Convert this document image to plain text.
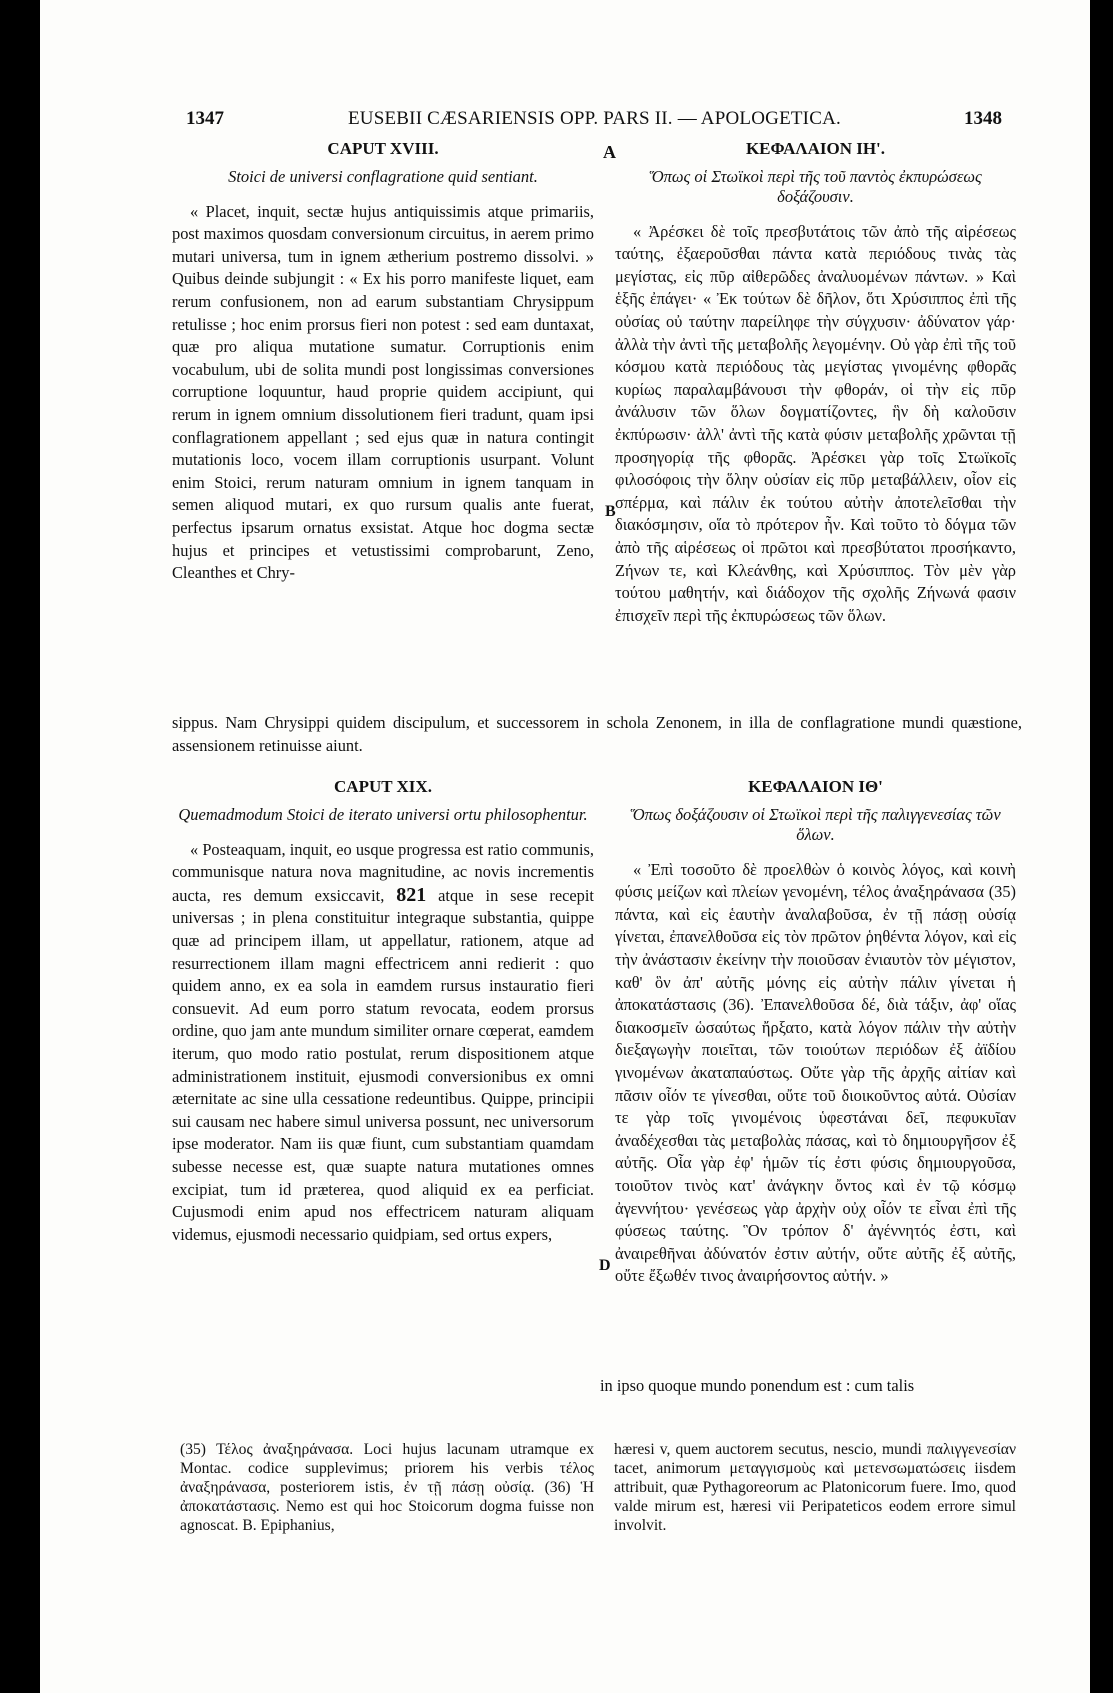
1347	EUSEBII CÆSARIENSIS OPP. PARS II. — APOLOGETICA.	1348
A
B
D
CAPUT XVIII.
Stoici de universi conflagratione quid sentiant.

« Placet, inquit, sectæ hujus antiquissimis atque primariis, post maximos quosdam conversionum circuitus, in aerem primo mutari universa, tum in ignem ætherium postremo dissolvi. » Quibus deinde subjungit : « Ex his porro manifeste liquet, eam rerum confusionem, non ad earum substantiam Chrysippum retulisse ; hoc enim prorsus fieri non potest : sed eam duntaxat, quæ pro aliqua mutatione sumatur. Corruptionis enim vocabulum, ubi de solita mundi post longissimas conversiones corruptione loquuntur, haud proprie quidem accipiunt, qui rerum in ignem omnium dissolutionem fieri tradunt, quam ipsi conflagrationem appellant ; sed ejus quæ in natura contingit mutationis loco, vocem illam corruptionis usurpant. Volunt enim Stoici, rerum naturam omnium in ignem tanquam in semen aliquod mutari, ex quo rursum qualis ante fuerat, perfectus ipsarum ornatus exsistat. Atque hoc dogma sectæ hujus et principes et vetustissimi comprobarunt, Zeno, Cleanthes et Chry-

ΚΕΦΑΛΑΙΟΝ ΙΗ'.
Ὅπως οἱ Στωϊκοὶ περὶ τῆς τοῦ παντὸς ἐκπυρώσεως δοξάζουσιν.

« Ἀρέσκει δὲ τοῖς πρεσβυτάτοις τῶν ἀπὸ τῆς αἱρέσεως ταύτης, ἐξαεροῦσθαι πάντα κατὰ περιόδους τινὰς τὰς μεγίστας, εἰς πῦρ αἰθερῶδες ἀναλυομένων πάντων. » Καὶ ἑξῆς ἐπάγει· « Ἐκ τούτων δὲ δῆλον, ὅτι Χρύσιππος ἐπὶ τῆς οὐσίας οὐ ταύτην παρείληφε τὴν σύγχυσιν· ἀδύνατον γάρ· ἀλλὰ τὴν ἀντὶ τῆς μεταβολῆς λεγομένην. Οὐ γὰρ ἐπὶ τῆς τοῦ κόσμου κατὰ περιόδους τὰς μεγίστας γινομένης φθορᾶς κυρίως παραλαμβάνουσι τὴν φθοράν, οἱ τὴν εἰς πῦρ ἀνάλυσιν τῶν ὅλων δογματίζοντες, ἣν δὴ καλοῦσιν ἐκπύρωσιν· ἀλλ' ἀντὶ τῆς κατὰ φύσιν μεταβολῆς χρῶνται τῇ προσηγορίᾳ τῆς φθορᾶς. Ἀρέσκει γὰρ τοῖς Στωϊκοῖς φιλοσόφοις τὴν ὅλην οὐσίαν εἰς πῦρ μεταβάλλειν, οἷον εἰς σπέρμα, καὶ πάλιν ἐκ τούτου αὐτὴν ἀποτελεῖσθαι τὴν διακόσμησιν, οἵα τὸ πρότερον ἦν. Καὶ τοῦτο τὸ δόγμα τῶν ἀπὸ τῆς αἱρέσεως οἱ πρῶτοι καὶ πρεσβύτατοι προσήκαντο, Ζήνων τε, καὶ Κλεάνθης, καὶ Χρύσιππος. Τὸν μὲν γὰρ τούτου μαθητήν, καὶ διάδοχον τῆς σχολῆς Ζήνωνά φασιν ἐπισχεῖν περὶ τῆς ἐκπυρώσεως τῶν ὅλων.

sippus. Nam Chrysippi quidem discipulum, et successorem in schola Zenonem, in illa de conflagratione mundi quæstione, assensionem retinuisse aiunt.
CAPUT XIX.
Quemadmodum Stoici de iterato universi ortu philosophentur.

« Posteaquam, inquit, eo usque progressa est ratio communis, communisque natura nova magnitudine, ac novis incrementis aucta, res demum exsiccavit, 821 atque in sese recepit universas ; in plena constituitur integraque substantia, quippe quæ ad principem illam, ut appellatur, rationem, atque ad resurrectionem illam magni effectricem anni redierit : quo quidem anno, ex ea sola in eamdem rursus instauratio fieri consuevit. Ad eum porro statum revocata, eodem prorsus ordine, quo jam ante mundum similiter ornare cœperat, eamdem iterum, quo modo ratio postulat, rerum dispositionem atque administrationem instituit, ejusmodi conversionibus ex omni æternitate ac sine ulla cessatione redeuntibus. Quippe, principii sui causam nec habere simul universa possunt, nec universorum ipse moderator. Nam iis quæ fiunt, cum substantiam quamdam subesse necesse est, quæ suapte natura mutationes omnes excipiat, tum id præterea, quod aliquid ex ea perficiat. Cujusmodi enim apud nos effectricem naturam aliquam videmus, ejusmodi necessario quidpiam, sed ortus expers,

ΚΕΦΑΛΑΙΟΝ ΙΘ'
Ὅπως δοξάζουσιν οἱ Στωϊκοὶ περὶ τῆς παλιγγενεσίας τῶν ὅλων.

« Ἐπὶ τοσοῦτο δὲ προελθὼν ὁ κοινὸς λόγος, καὶ κοινὴ φύσις μείζων καὶ πλείων γενομένη, τέλος ἀναξηράνασα (35) πάντα, καὶ εἰς ἑαυτὴν ἀναλαβοῦσα, ἐν τῇ πάσῃ οὐσίᾳ γίνεται, ἐπανελθοῦσα εἰς τὸν πρῶτον ῥηθέντα λόγον, καὶ εἰς τὴν ἀνάστασιν ἐκείνην τὴν ποιοῦσαν ἐνιαυτὸν τὸν μέγιστον, καθ' ὃν ἀπ' αὐτῆς μόνης εἰς αὐτὴν πάλιν γίνεται ἡ ἀποκατάστασις (36). Ἐπανελθοῦσα δέ, διὰ τάξιν, ἀφ' οἵας διακοσμεῖν ὡσαύτως ἤρξατο, κατὰ λόγον πάλιν τὴν αὐτὴν διεξαγωγὴν ποιεῖται, τῶν τοιούτων περιόδων ἐξ ἀϊδίου γινομένων ἀκαταπαύστως. Οὔτε γὰρ τῆς ἀρχῆς αἰτίαν καὶ πᾶσιν οἷόν τε γίνεσθαι, οὔτε τοῦ διοικοῦντος αὐτά. Οὐσίαν τε γὰρ τοῖς γινομένοις ὑφεστάναι δεῖ, πεφυκυῖαν ἀναδέχεσθαι τὰς μεταβολὰς πάσας, καὶ τὸ δημιουργῆσον ἐξ αὐτῆς. Οἷα γὰρ ἐφ' ἡμῶν τίς ἐστι φύσις δημιουργοῦσα, τοιοῦτον τινὸς κατ' ἀνάγκην ὄντος καὶ ἐν τῷ κόσμῳ ἀγεννήτου· γενέσεως γὰρ ἀρχὴν οὐχ οἷόν τε εἶναι ἐπὶ τῆς φύσεως ταύτης. Ὃν τρόπον δ' ἀγέννητός ἐστι, καὶ ἀναιρεθῆναι ἀδύνατόν ἐστιν αὐτήν, οὔτε αὐτῆς ἐξ αὐτῆς, οὔτε ἔξωθέν τινος ἀναιρήσοντος αὐτήν. »

in ipso quoque mundo ponendum est : cum talis
(35) Τέλος ἀναξηράνασα. Loci hujus lacunam utramque ex Montac. codice supplevimus; priorem his verbis τέλος ἀναξηράνασα, posteriorem istis, ἐν τῇ πάσῃ οὐσίᾳ. (36) Ἡ ἀποκατάστασις. Nemo est qui hoc Stoicorum dogma fuisse non agnoscat. B. Epiphanius,
hæresi v, quem auctorem secutus, nescio, mundi παλιγγενεσίαν tacet, animorum μεταγγισμοὺς καὶ μετενσωματώσεις iisdem attribuit, quæ Pythagoreorum ac Platonicorum fuere. Imo, quod valde mirum est, hæresi vii Peripateticos eodem errore simul involvit.
